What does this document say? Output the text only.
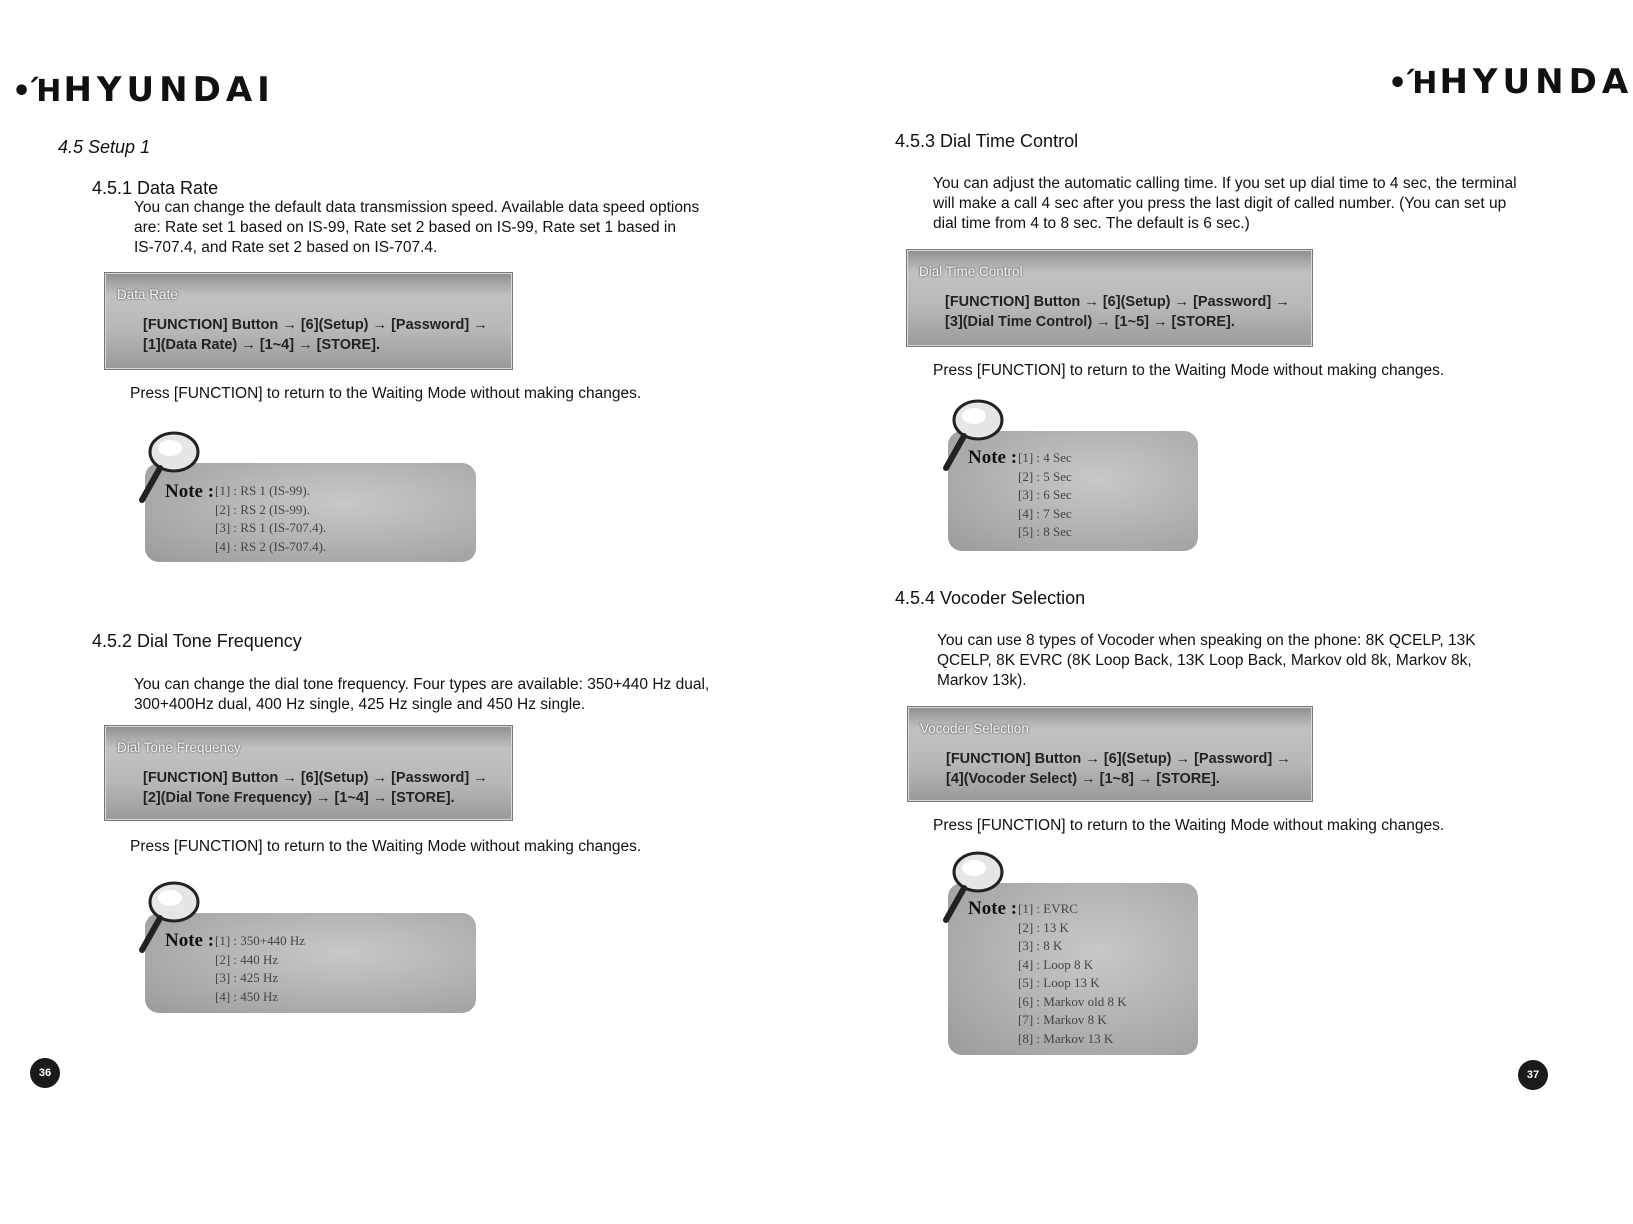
•ΉHYUNDAI	•ΉHYUNDA
4.5 Setup 1
4.5.1 Data Rate
You can change the default data transmission speed. Available data speed options
are: Rate set 1 based on IS-99, Rate set 2 based on IS-99, Rate set 1 based in
IS-707.4, and Rate set 2 based on IS-707.4.
Data Rate
[FUNCTION] Button → [6](Setup) → [Password] →
[1](Data Rate) → [1~4] → [STORE].
Press [FUNCTION] to return to the Waiting Mode without making changes.
Note : [1] : RS 1 (IS-99).
[2] : RS 2 (IS-99).
[3] : RS 1 (IS-707.4).
[4] : RS 2 (IS-707.4).
4.5.2 Dial Tone Frequency
You can change the dial tone frequency. Four types are available: 350+440 Hz dual,
300+400Hz dual, 400 Hz single, 425 Hz single and 450 Hz single.
Dial Tone Frequency
[FUNCTION] Button → [6](Setup) → [Password] →
[2](Dial Tone Frequency) → [1~4] → [STORE].
Press [FUNCTION] to return to the Waiting Mode without making changes.
Note : [1] : 350+440 Hz
[2] : 440 Hz
[3] : 425 Hz
[4] : 450 Hz
36
4.5.3 Dial Time Control
You can adjust the automatic calling time. If you set up dial time to 4 sec, the terminal
will make a call 4 sec after you press the last digit of called number. (You can set up
dial time from 4 to 8 sec. The default is 6 sec.)
Dial Time Control
[FUNCTION] Button → [6](Setup) → [Password] →
[3](Dial Time Control) → [1~5] → [STORE].
Press [FUNCTION] to return to the Waiting Mode without making changes.
Note : [1] : 4 Sec
[2] : 5 Sec
[3] : 6 Sec
[4] : 7 Sec
[5] : 8 Sec
4.5.4 Vocoder Selection
You can use 8 types of Vocoder when speaking on the phone: 8K QCELP, 13K
QCELP, 8K EVRC (8K Loop Back, 13K Loop Back, Markov old 8k, Markov 8k,
Markov 13k).
Vocoder Selection
[FUNCTION] Button → [6](Setup) → [Password] →
[4](Vocoder Select) → [1~8] → [STORE].
Press [FUNCTION] to return to the Waiting Mode without making changes.
Note : [1] : EVRC
[2] : 13 K
[3] : 8 K
[4] : Loop 8 K
[5] : Loop 13 K
[6] : Markov old 8 K
[7] : Markov 8 K
[8] : Markov 13 K
37
